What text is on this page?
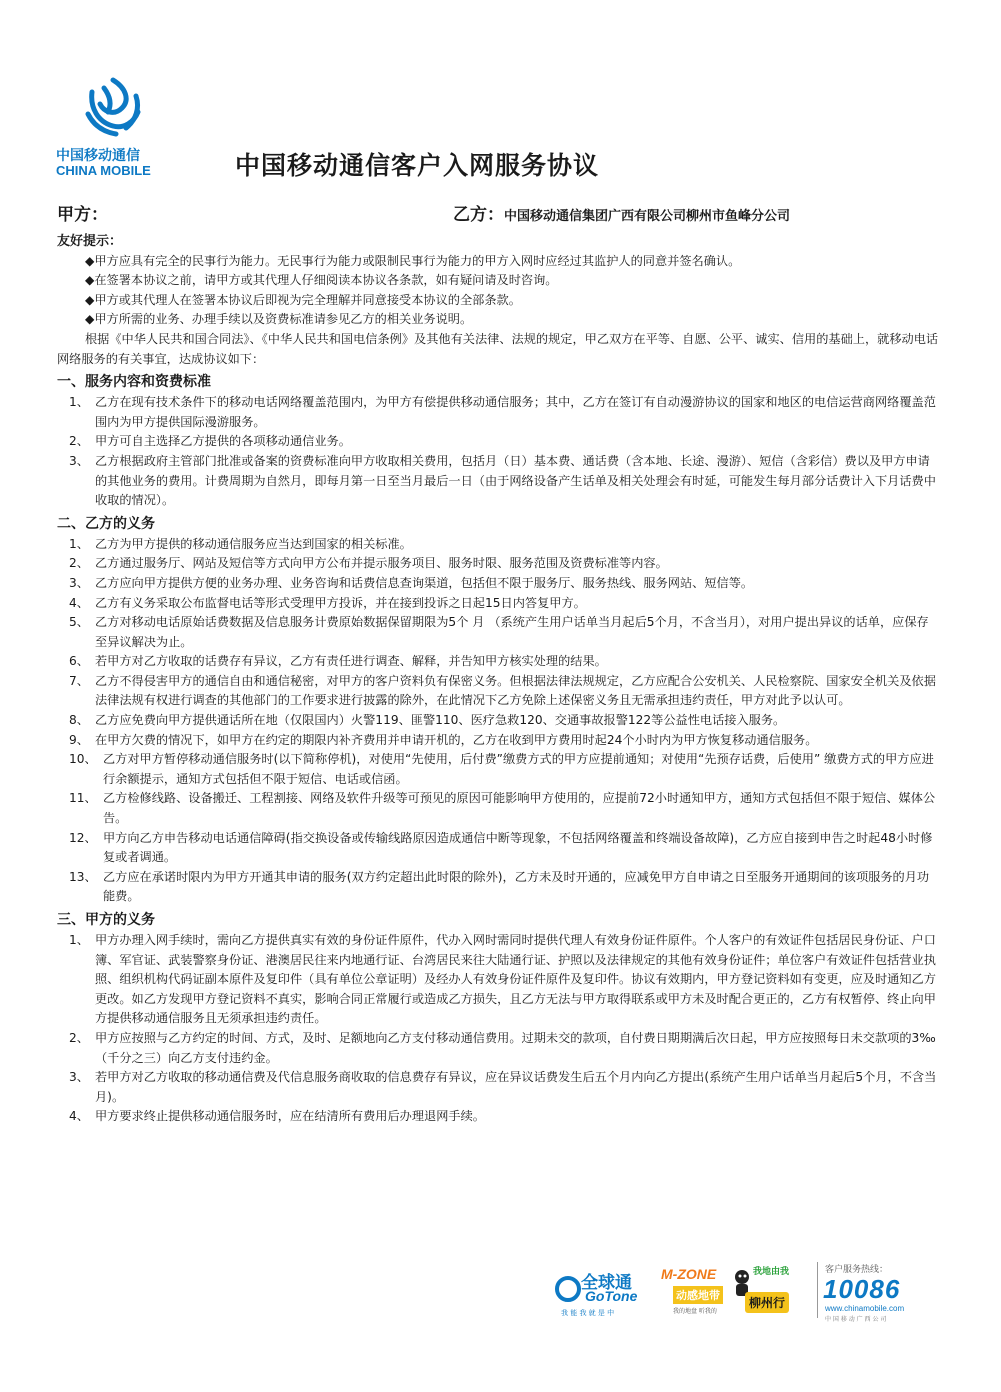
中国移动通信
CHINA MOBILE	中国移动通信客户入网服务协议
甲方：	乙方：中国移动通信集团广西有限公司柳州市鱼峰分公司

友好提示：

◆甲方应具有完全的民事行为能力。无民事行为能力或限制民事行为能力的甲方入网时应经过其监护人的同意并签名确认。

◆在签署本协议之前，请甲方或其代理人仔细阅读本协议各条款，如有疑问请及时咨询。

◆甲方或其代理人在签署本协议后即视为完全理解并同意接受本协议的全部条款。

◆甲方所需的业务、办理手续以及资费标准请参见乙方的相关业务说明。

根据《中华人民共和国合同法》、《中华人民共和国电信条例》及其他有关法律、法规的规定，甲乙双方在平等、自愿、公平、诚实、信用的基础上，就移动电话网络服务的有关事宜，达成协议如下：

一、服务内容和资费标准

1、 乙方在现有技术条件下的移动电话网络覆盖范围内，为甲方有偿提供移动通信服务；其中，乙方在签订有自动漫游协议的国家和地区的电信运营商网络覆盖范围内为甲方提供国际漫游服务。
2、 甲方可自主选择乙方提供的各项移动通信业务。
3、 乙方根据政府主管部门批准或备案的资费标准向甲方收取相关费用，包括月（日）基本费、通话费（含本地、长途、漫游）、短信（含彩信）费以及甲方申请的其他业务的费用。计费周期为自然月，即每月第一日至当月最后一日（由于网络设备产生话单及相关处理会有时延，可能发生每月部分话费计入下月话费中收取的情况）。

二、乙方的义务

1、 乙方为甲方提供的移动通信服务应当达到国家的相关标准。
2、 乙方通过服务厅、网站及短信等方式向甲方公布并提示服务项目、服务时限、服务范围及资费标准等内容。
3、 乙方应向甲方提供方便的业务办理、业务咨询和话费信息查询渠道，包括但不限于服务厅、服务热线、服务网站、短信等。
4、 乙方有义务采取公布监督电话等形式受理甲方投诉，并在接到投诉之日起15日内答复甲方。
5、 乙方对移动电话原始话费数据及信息服务计费原始数据保留期限为5个 月 （系统产生用户话单当月起后5个月，不含当月），对用户提出异议的话单，应保存至异议解决为止。
6、 若甲方对乙方收取的话费存有异议，乙方有责任进行调查、解释，并告知甲方核实处理的结果。
7、 乙方不得侵害甲方的通信自由和通信秘密，对甲方的客户资料负有保密义务。但根据法律法规规定，乙方应配合公安机关、人民检察院、国家安全机关及依据法律法规有权进行调查的其他部门的工作要求进行披露的除外，在此情况下乙方免除上述保密义务且无需承担违约责任，甲方对此予以认可。
8、 乙方应免费向甲方提供通话所在地（仅限国内）火警119、匪警110、医疗急救120、交通事故报警122等公益性电话接入服务。
9、 在甲方欠费的情况下，如甲方在约定的期限内补齐费用并申请开机的，乙方在收到甲方费用时起24个小时内为甲方恢复移动通信服务。
10、 乙方对甲方暂停移动通信服务时(以下简称停机)，对使用“先使用，后付费”缴费方式的甲方应提前通知；对使用“先预存话费，后使用” 缴费方式的甲方应进行余额提示，通知方式包括但不限于短信、电话或信函。
11、 乙方检修线路、设备搬迁、工程割接、网络及软件升级等可预见的原因可能影响甲方使用的，应提前72小时通知甲方，通知方式包括但不限于短信、媒体公告。
12、 甲方向乙方申告移动电话通信障碍(指交换设备或传输线路原因造成通信中断等现象，不包括网络覆盖和终端设备故障)，乙方应自接到申告之时起48小时修复或者调通。
13、 乙方应在承诺时限内为甲方开通其申请的服务(双方约定超出此时限的除外)，乙方未及时开通的，应减免甲方自申请之日至服务开通期间的该项服务的月功能费。

三、甲方的义务

1、 甲方办理入网手续时，需向乙方提供真实有效的身份证件原件，代办入网时需同时提供代理人有效身份证件原件。个人客户的有效证件包括居民身份证、户口簿、军官证、武装警察身份证、港澳居民往来内地通行证、台湾居民来往大陆通行证、护照以及法律规定的其他有效身份证件；单位客户有效证件包括营业执照、组织机构代码证副本原件及复印件（具有单位公章证明）及经办人有效身份证件原件及复印件。协议有效期内，甲方登记资料如有变更，应及时通知乙方更改。如乙方发现甲方登记资料不真实，影响合同正常履行或造成乙方损失，且乙方无法与甲方取得联系或甲方未及时配合更正的，乙方有权暂停、终止向甲方提供移动通信服务且无须承担违约责任。
2、 甲方应按照与乙方约定的时间、方式，及时、足额地向乙方支付移动通信费用。过期未交的款项，自付费日期期满后次日起，甲方应按照每日未交款项的3‰（千分之三）向乙方支付违约金。
3、 若甲方对乙方收取的移动通信费及代信息服务商收取的信息费存有异议，应在异议话费发生后五个月内向乙方提出(系统产生用户话单当月起后5个月，不含当月)。
4、 甲方要求终止提供移动通信服务时，应在结清所有费用后办理退网手续。
全球通
GoTone
我 能 我 就 是 中
M-ZONE
动感地带
我的地盘 听我的
我地由我
柳州行
客户服务热线：
10086
www.chinamobile.com
中 国 移 动 广 西 公 司
